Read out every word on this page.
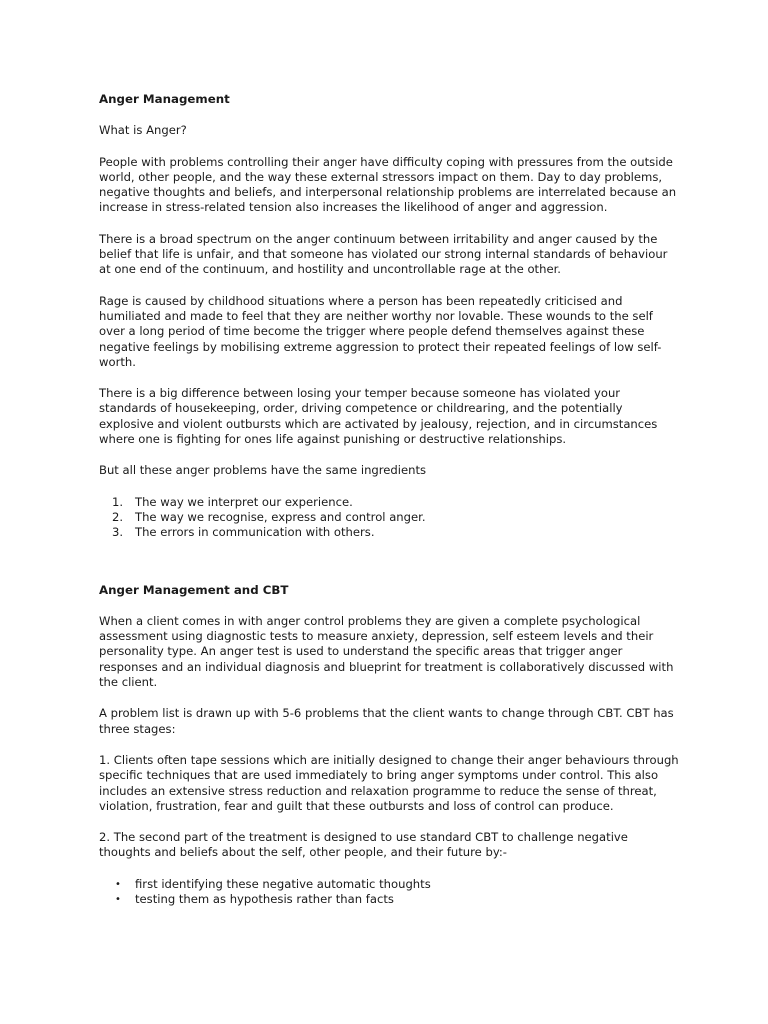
Anger Management

What is Anger?

People with problems controlling their anger have difficulty coping with pressures from the outside world, other people, and the way these external stressors impact on them. Day to day problems, negative thoughts and beliefs, and interpersonal relationship problems are interrelated because an increase in stress-related tension also increases the likelihood of anger and aggression.

There is a broad spectrum on the anger continuum between irritability and anger caused by the belief that life is unfair, and that someone has violated our strong internal standards of behaviour at one end of the continuum, and hostility and uncontrollable rage at the other.

Rage is caused by childhood situations where a person has been repeatedly criticised and humiliated and made to feel that they are neither worthy nor lovable. These wounds to the self over a long period of time become the trigger where people defend themselves against these negative feelings by mobilising extreme aggression to protect their repeated feelings of low self-worth.

There is a big difference between losing your temper because someone has violated your standards of housekeeping, order, driving competence or childrearing, and the potentially explosive and violent outbursts which are activated by jealousy, rejection, and in circumstances where one is fighting for ones life against punishing or destructive relationships.

But all these anger problems have the same ingredients

1. The way we interpret our experience.
2. The way we recognise, express and control anger.
3. The errors in communication with others.

Anger Management and CBT

When a client comes in with anger control problems they are given a complete psychological assessment using diagnostic tests to measure anxiety, depression, self esteem levels and their personality type. An anger test is used to understand the specific areas that trigger anger responses and an individual diagnosis and blueprint for treatment is collaboratively discussed with the client.

A problem list is drawn up with 5-6 problems that the client wants to change through CBT. CBT has three stages:

1. Clients often tape sessions which are initially designed to change their anger behaviours through specific techniques that are used immediately to bring anger symptoms under control. This also includes an extensive stress reduction and relaxation programme to reduce the sense of threat, violation, frustration, fear and guilt that these outbursts and loss of control can produce.

2. The second part of the treatment is designed to use standard CBT to challenge negative thoughts and beliefs about the self, other people, and their future by:-

• first identifying these negative automatic thoughts
• testing them as hypothesis rather than facts
